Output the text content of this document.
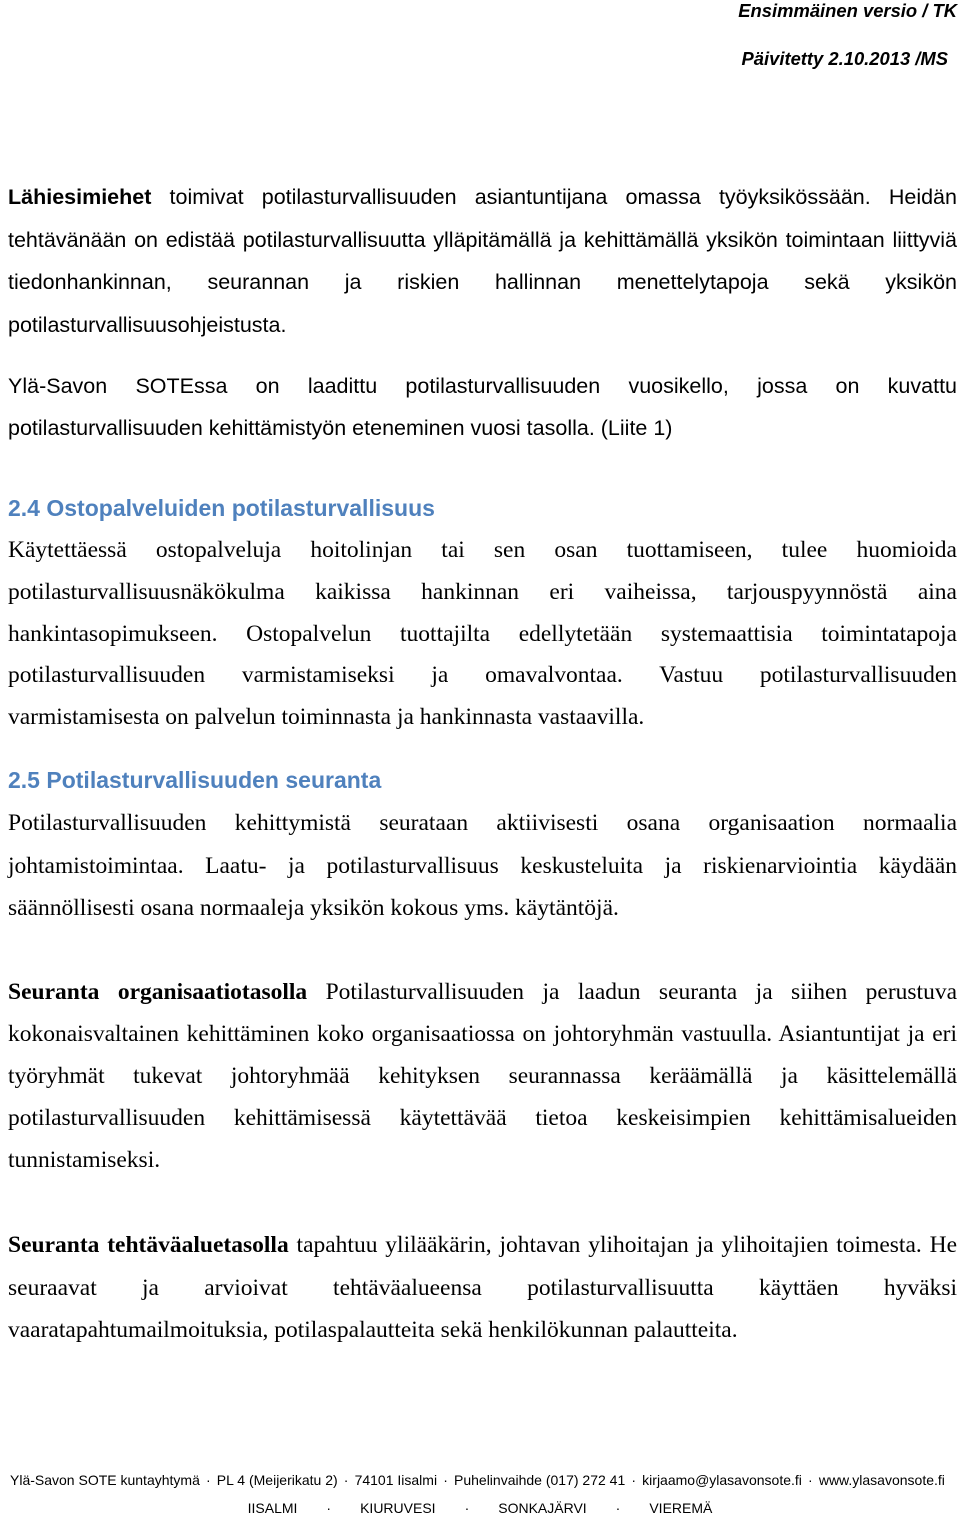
Ensimmäinen versio / TK
Päivitetty 2.10.2013 /MS
Lähiesimiehet toimivat potilasturvallisuuden asiantuntijana omassa työyksikössään. Heidän
tehtävänään on edistää potilasturvallisuutta ylläpitämällä ja kehittämällä yksikön toimintaan liittyviä
tiedonhankinnan, seurannan ja riskien hallinnan menettelytapoja sekä yksikön
potilasturvallisuusohjeistusta.
Ylä-Savon SOTEssa on laadittu potilasturvallisuuden vuosikello, jossa on kuvattu
potilasturvallisuuden kehittämistyön eteneminen vuosi tasolla. (Liite 1)
2.4 Ostopalveluiden potilasturvallisuus
Käytettäessä ostopalveluja hoitolinjan tai sen osan tuottamiseen, tulee huomioida
potilasturvallisuusnäkökulma kaikissa hankinnan eri vaiheissa, tarjouspyynnöstä aina
hankintasopimukseen. Ostopalvelun tuottajilta edellytetään systemaattisia toimintatapoja
potilasturvallisuuden varmistamiseksi ja omavalvontaa. Vastuu potilasturvallisuuden
varmistamisesta on palvelun toiminnasta ja hankinnasta vastaavilla.
2.5 Potilasturvallisuuden seuranta
Potilasturvallisuuden kehittymistä seurataan aktiivisesti osana organisaation normaalia
johtamistoimintaa. Laatu- ja potilasturvallisuus keskusteluita ja riskienarviointia käydään
säännöllisesti osana normaaleja yksikön kokous yms. käytäntöjä.
Seuranta organisaatiotasolla Potilasturvallisuuden ja laadun seuranta ja siihen perustuva
kokonaisvaltainen kehittäminen koko organisaatiossa on johtoryhmän vastuulla. Asiantuntijat ja eri
työryhmät tukevat johtoryhmää kehityksen seurannassa keräämällä ja käsittelemällä
potilasturvallisuuden kehittämisessä käytettävää tietoa keskeisimpien kehittämisalueiden
tunnistamiseksi.
Seuranta tehtäväaluetasolla tapahtuu ylilääkärin, johtavan ylihoitajan ja ylihoitajien toimesta. He
seuraavat ja arvioivat tehtäväalueensa potilasturvallisuutta käyttäen hyväksi
vaaratapahtumailmoituksia, potilaspalautteita sekä henkilökunnan palautteita.
Ylä-Savon SOTE kuntayhtymä · PL 4 (Meijerikatu 2) · 74101 Iisalmi · Puhelinvaihde (017) 272 41 · kirjaamo@ylasavonsote.fi · www.ylasavonsote.fi
IISALMI · KIURUVESI · SONKAJÄRVI · VIEREMÄ
